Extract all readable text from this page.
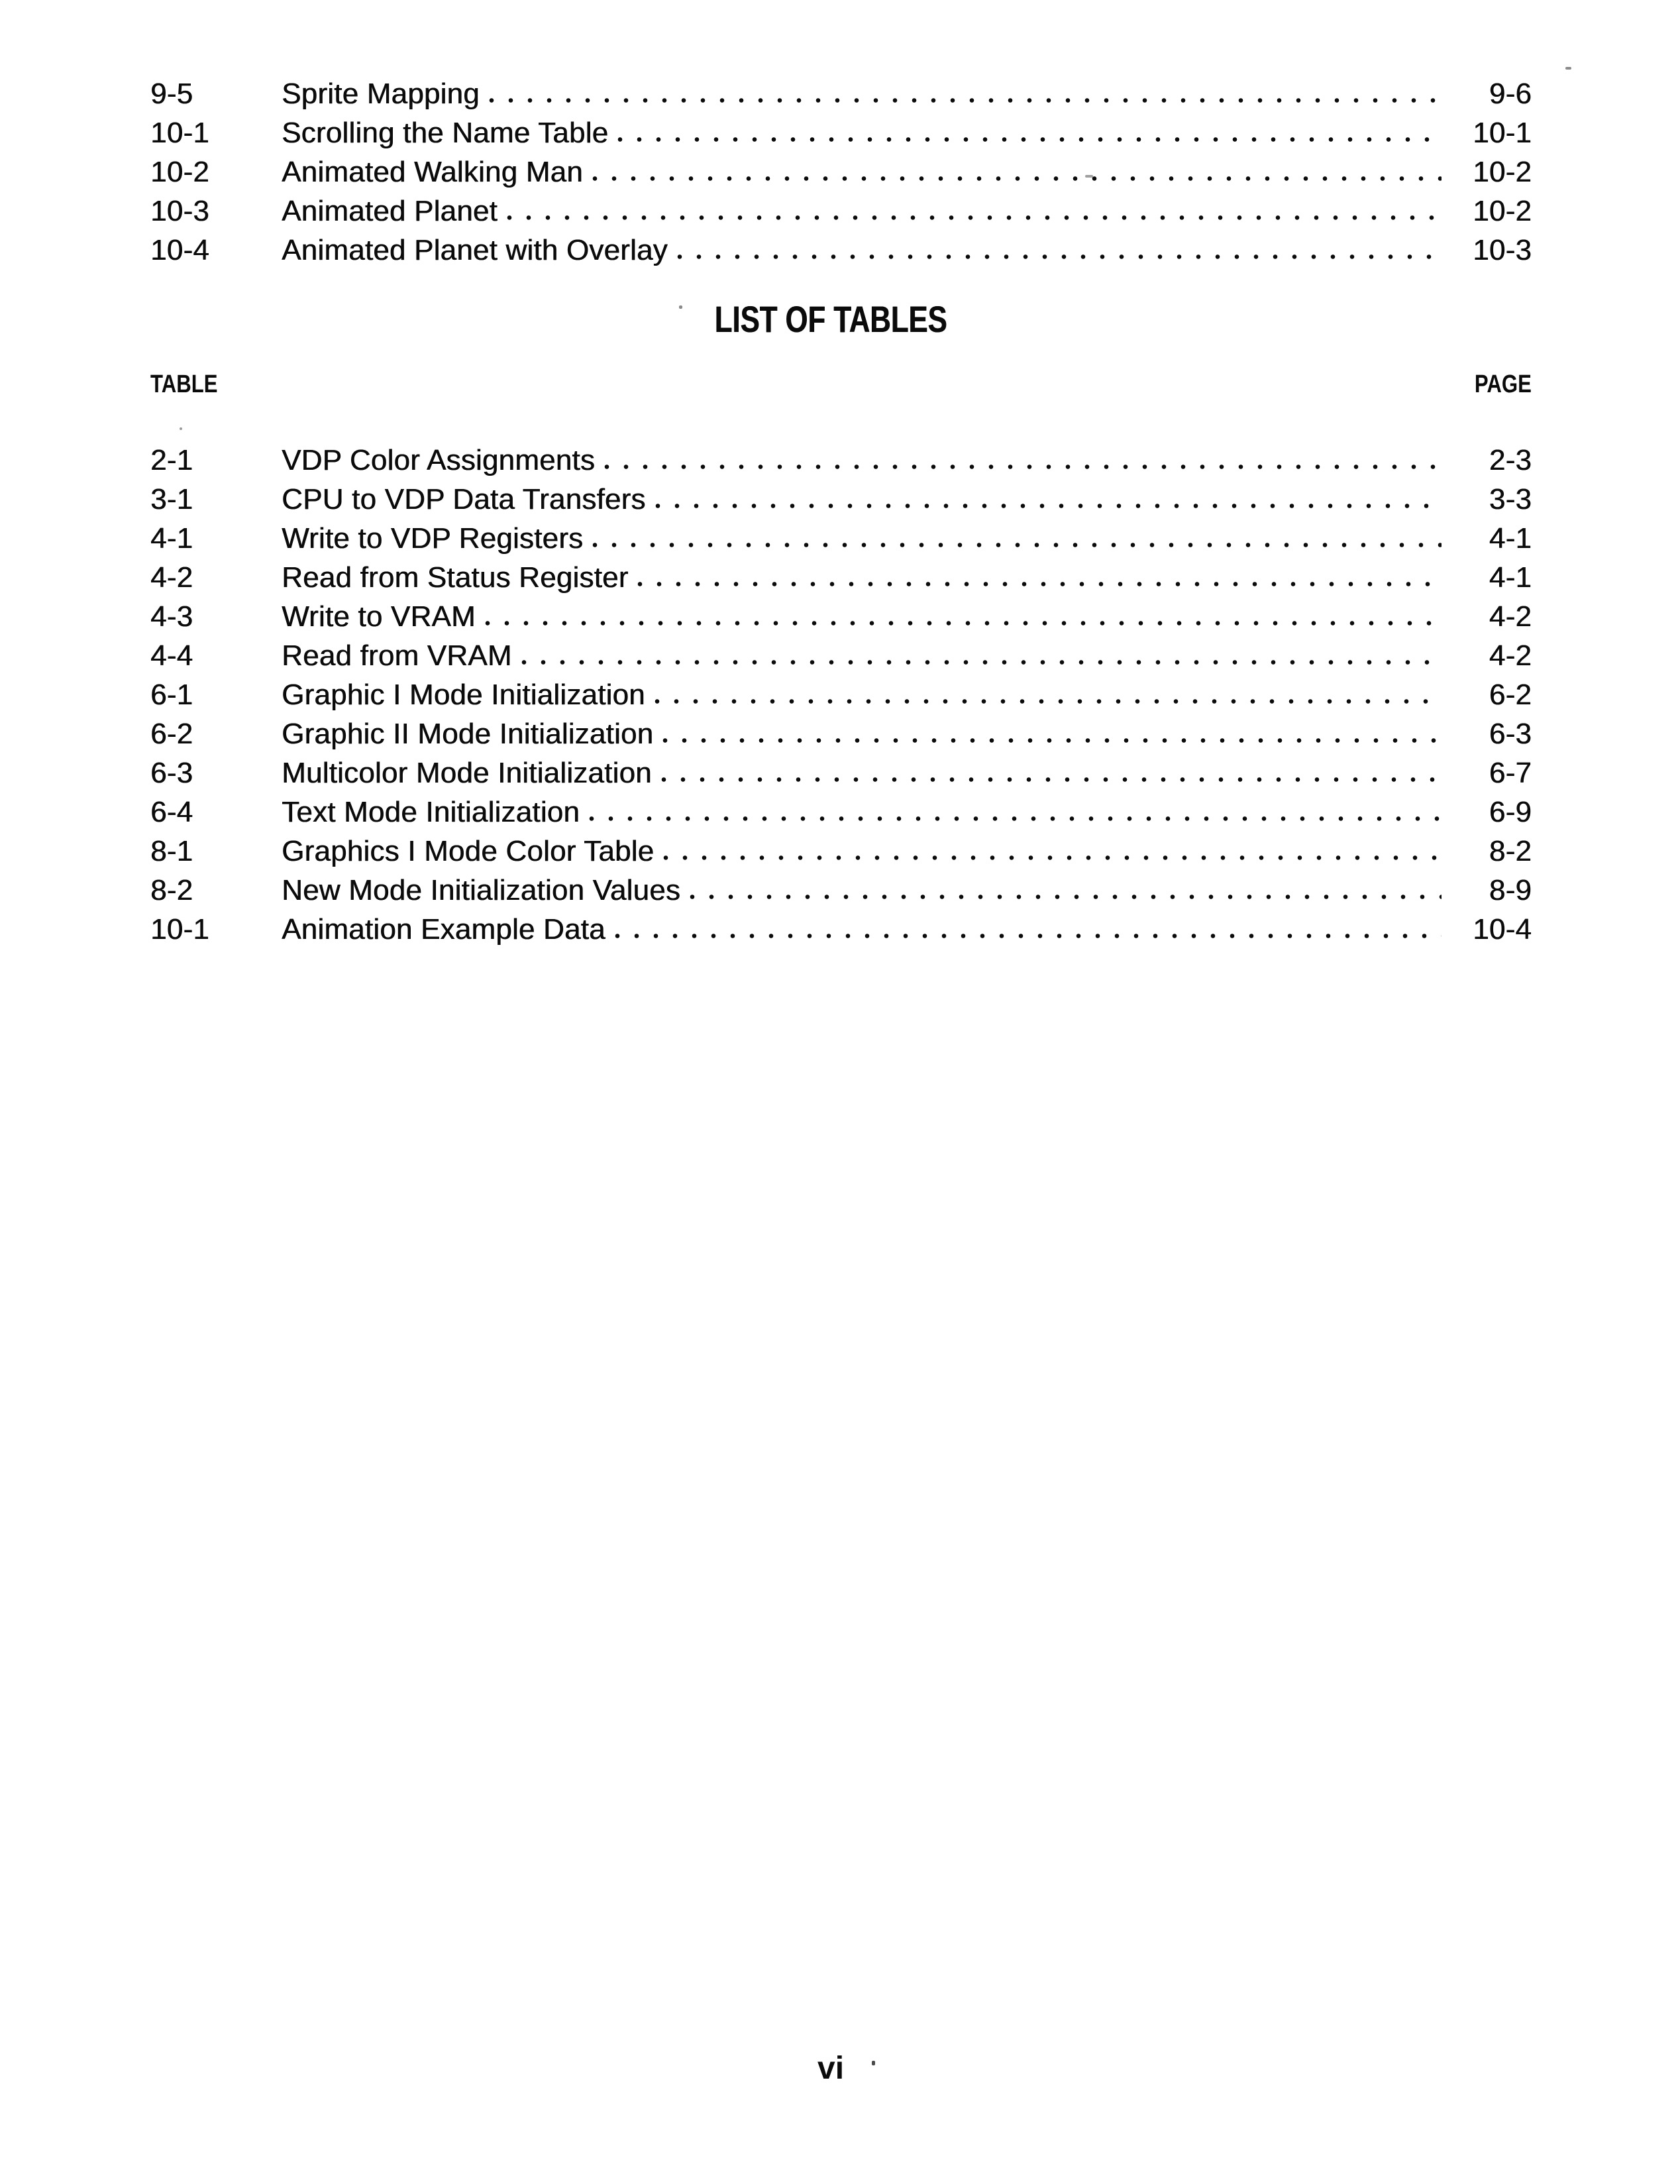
9-5	Sprite Mapping	9-6
10-1	Scrolling the Name Table	10-1
10-2	Animated Walking Man	10-2
10-3	Animated Planet	10-2
10-4	Animated Planet with Overlay	10-3
LIST OF TABLES
TABLE	PAGE
2-1	VDP Color Assignments	2-3
3-1	CPU to VDP Data Transfers	3-3
4-1	Write to VDP Registers	4-1
4-2	Read from Status Register	4-1
4-3	Write to VRAM	4-2
4-4	Read from VRAM	4-2
6-1	Graphic I Mode Initialization	6-2
6-2	Graphic II Mode Initialization	6-3
6-3	Multicolor Mode Initialization	6-7
6-4	Text Mode Initialization	6-9
8-1	Graphics I Mode Color Table	8-2
8-2	New Mode Initialization Values	8-9
10-1	Animation Example Data	10-4
vi
